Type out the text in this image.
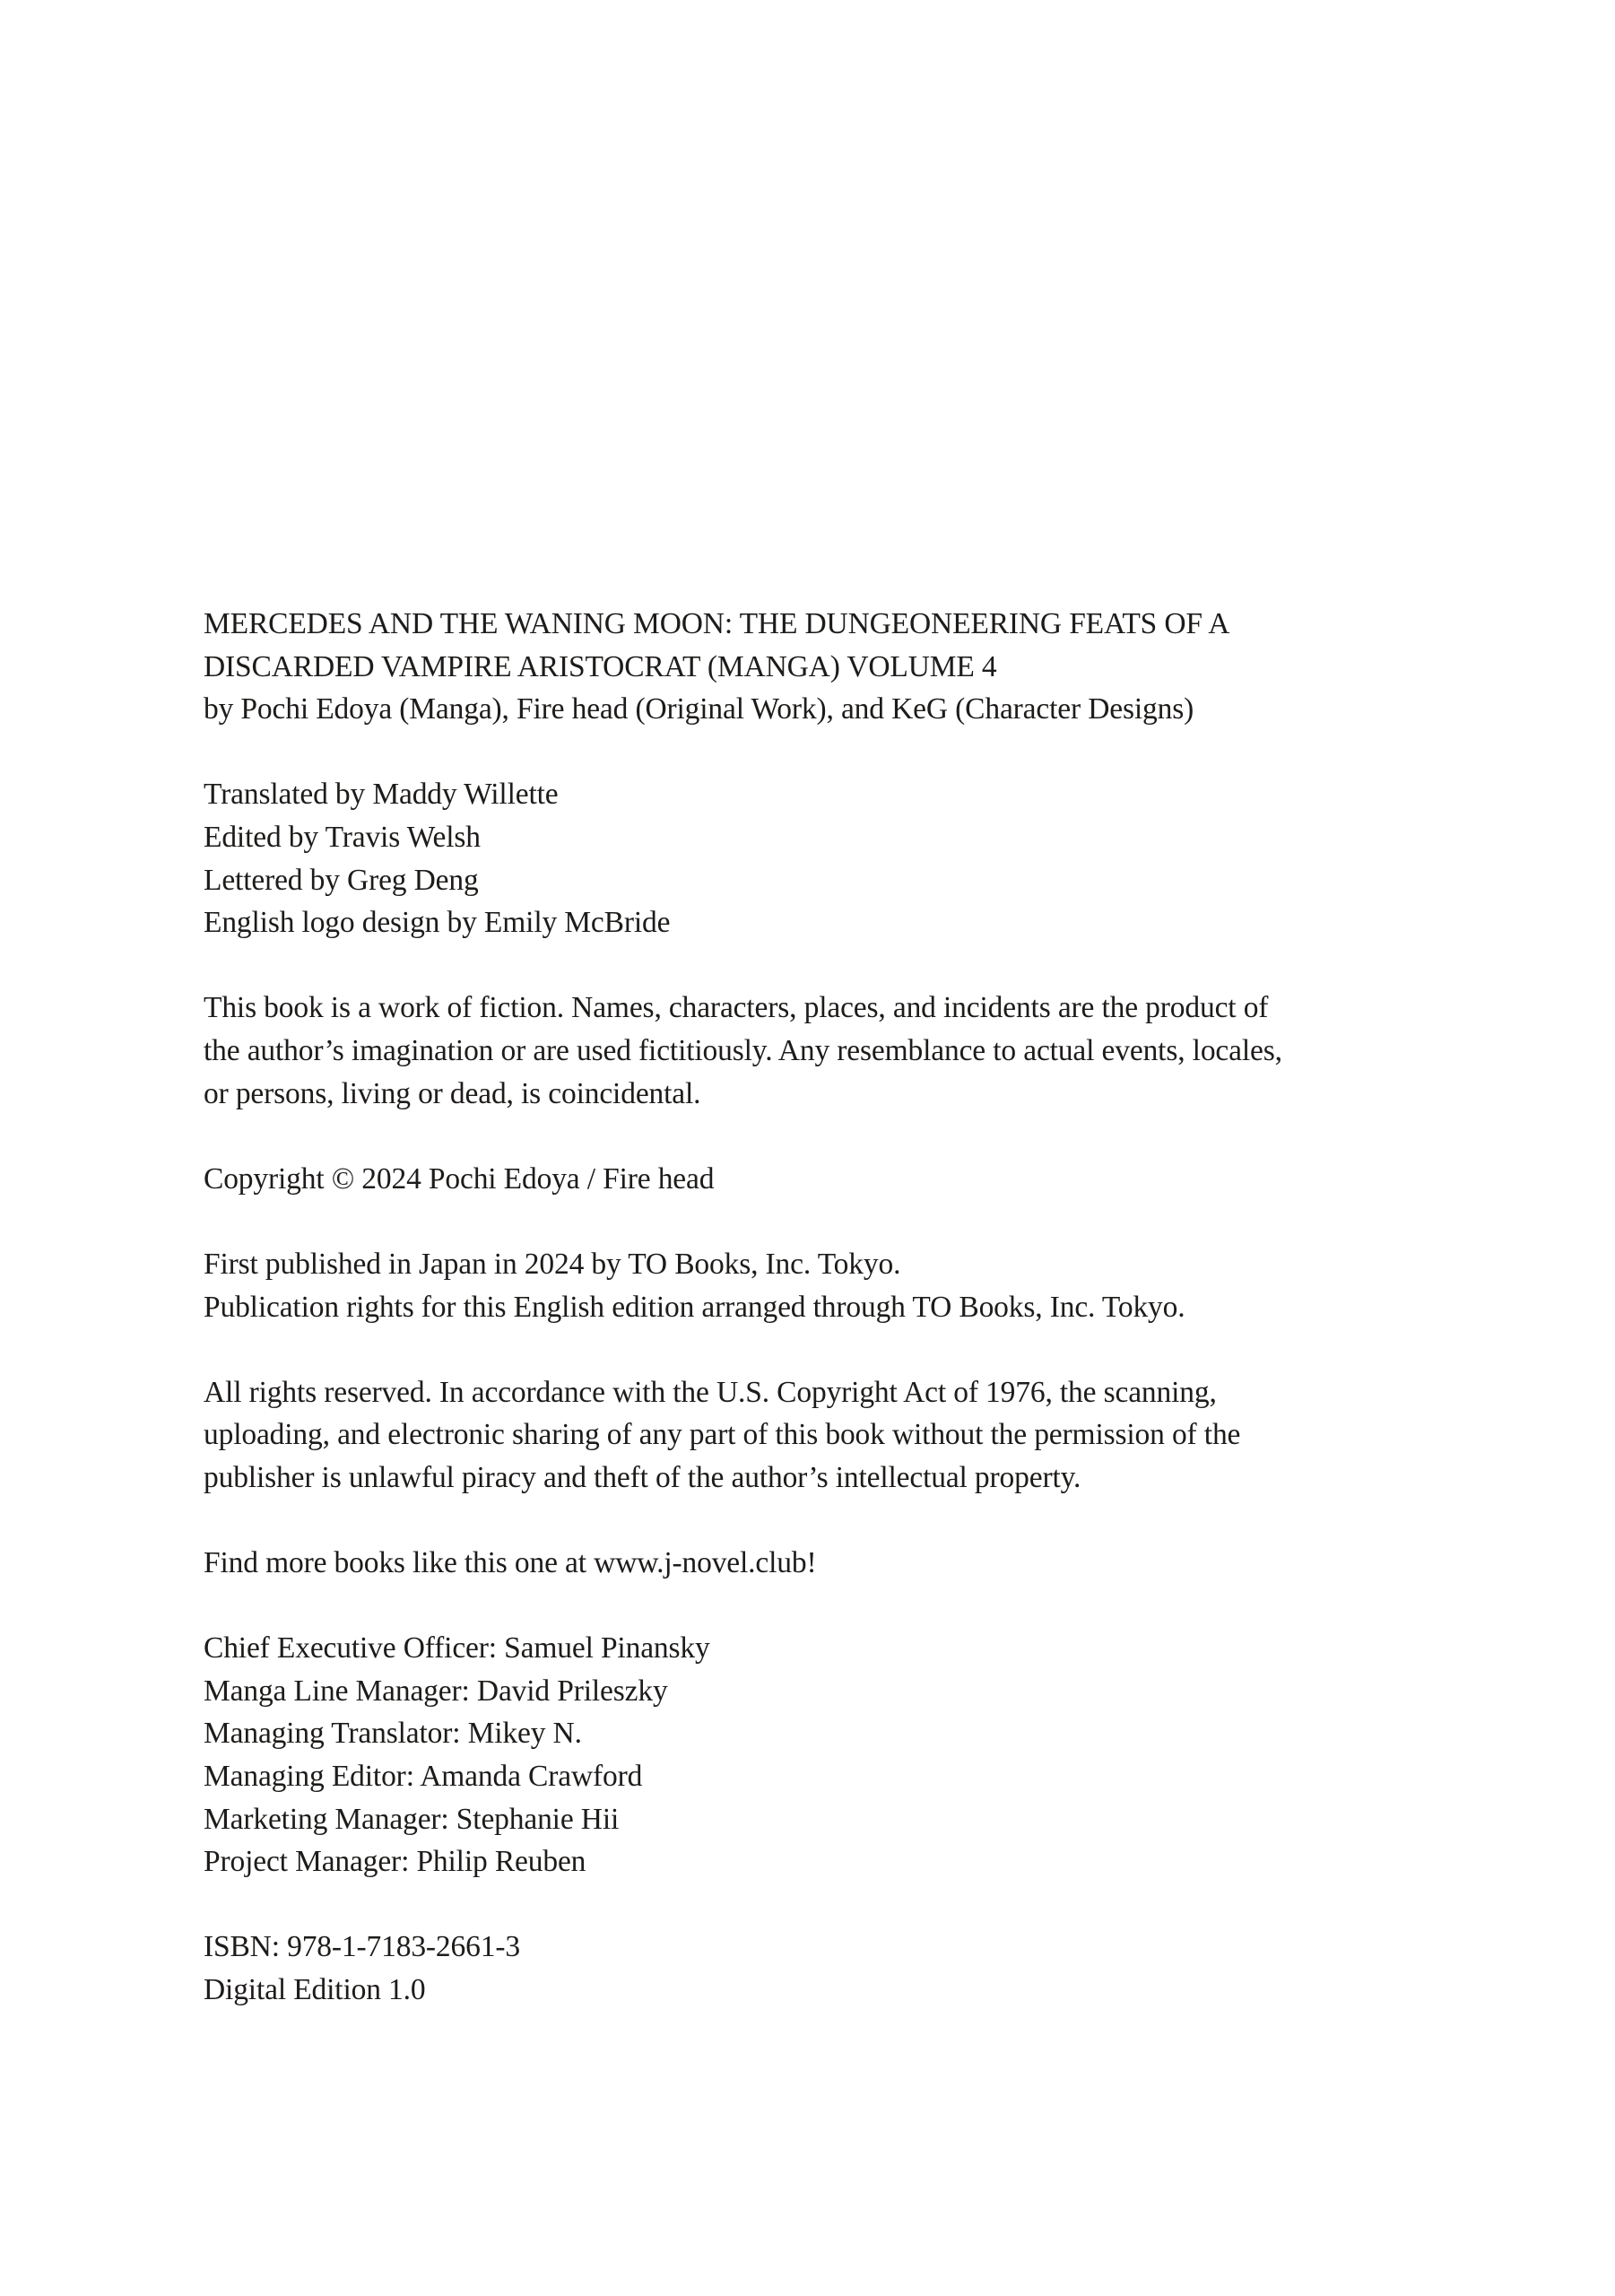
MERCEDES AND THE WANING MOON: THE DUNGEONEERING FEATS OF A
DISCARDED VAMPIRE ARISTOCRAT (MANGA) VOLUME 4
by Pochi Edoya (Manga), Fire head (Original Work), and KeG (Character Designs)
Translated by Maddy Willette
Edited by Travis Welsh
Lettered by Greg Deng
English logo design by Emily McBride
This book is a work of fiction. Names, characters, places, and incidents are the product of
the author’s imagination or are used fictitiously. Any resemblance to actual events, locales,
or persons, living or dead, is coincidental.
Copyright © 2024 Pochi Edoya / Fire head
First published in Japan in 2024 by TO Books, Inc. Tokyo.
Publication rights for this English edition arranged through TO Books, Inc. Tokyo.
All rights reserved. In accordance with the U.S. Copyright Act of 1976, the scanning,
uploading, and electronic sharing of any part of this book without the permission of the
publisher is unlawful piracy and theft of the author’s intellectual property.
Find more books like this one at www.j-novel.club!
Chief Executive Officer: Samuel Pinansky
Manga Line Manager: David Prileszky
Managing Translator: Mikey N.
Managing Editor: Amanda Crawford
Marketing Manager: Stephanie Hii
Project Manager: Philip Reuben
ISBN: 978-1-7183-2661-3
Digital Edition 1.0
